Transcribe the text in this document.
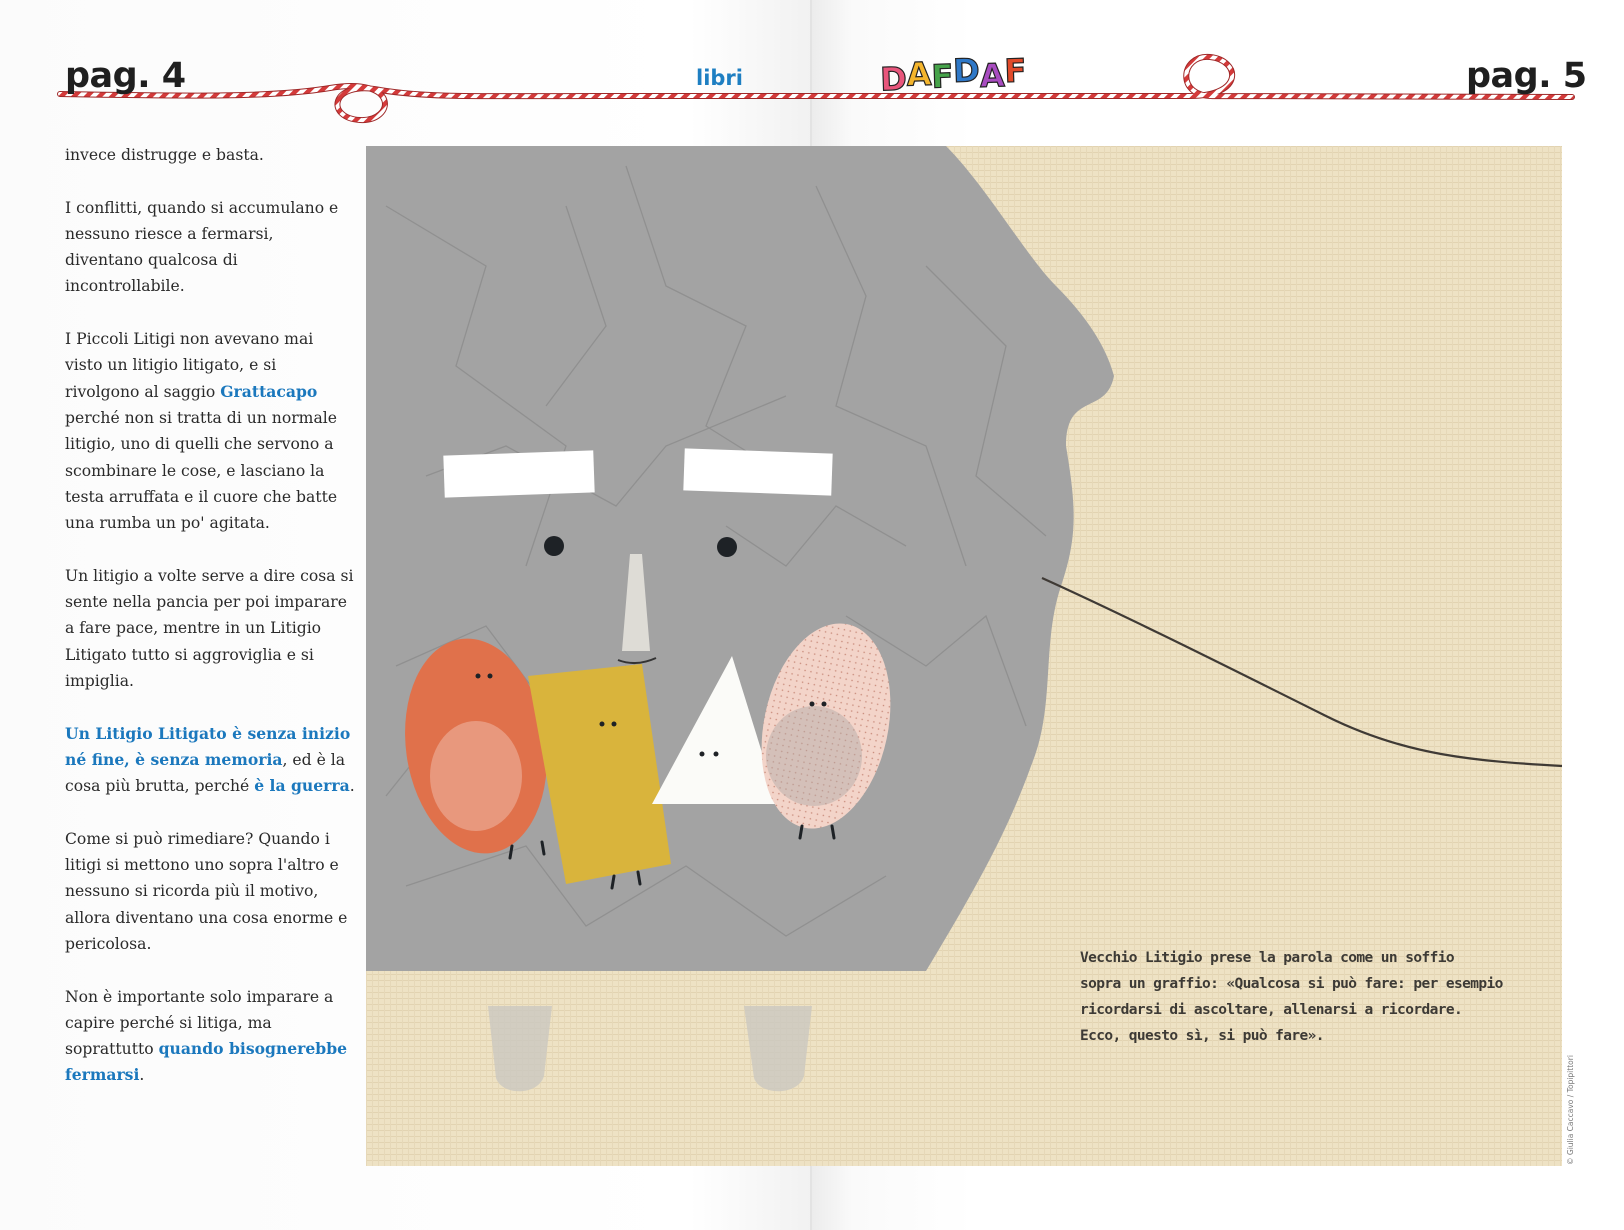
pag. 4	libri	D A F D A F	pag. 5

invece distrugge e basta.

I conflitti, quando si accumulano e nessuno riesce a fermarsi, diventano qualcosa di incontrollabile.

I Piccoli Litigi non avevano mai visto un litigio litigato, e si rivolgono al saggio Grattacapo perché non si tratta di un normale litigio, uno di quelli che servono a scombinare le cose, e lasciano la testa arruffata e il cuore che batte una rumba un po' agitata.

Un litigio a volte serve a dire cosa si sente nella pancia per poi imparare a fare pace, mentre in un Litigio Litigato tutto si aggroviglia e si impiglia.

Un Litigio Litigato è senza inizio né fine, è senza memoria, ed è la cosa più brutta, perché è la guerra.

Come si può rimediare? Quando i litigi si mettono uno sopra l'altro e nessuno si ricorda più il motivo, allora diventano una cosa enorme e pericolosa.

Non è importante solo imparare a capire perché si litiga, ma soprattutto quando bisognerebbe fermarsi.

Vecchio Litigio prese la parola come un soffio
sopra un graffio: «Qualcosa si può fare: per esempio
ricordarsi di ascoltare, allenarsi a ricordare.
Ecco, questo sì, si può fare».
© Giulia Caccavo / Topipittori
